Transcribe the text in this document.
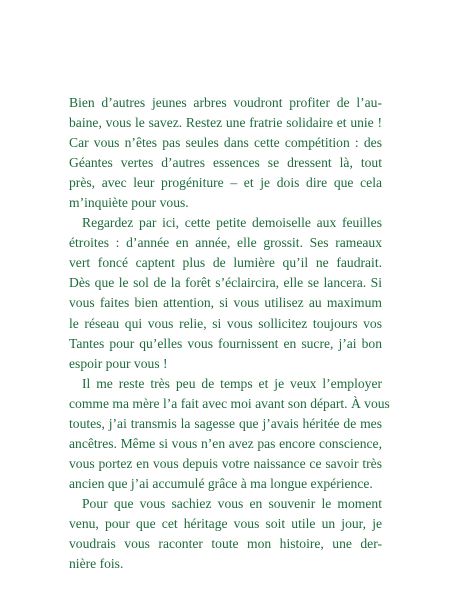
Bien d’autres jeunes arbres voudront profiter de l’au-
baine, vous le savez. Restez une fratrie solidaire et unie !
Car vous n’êtes pas seules dans cette compétition : des
Géantes vertes d’autres essences se dressent là, tout
près, avec leur progéniture – et je dois dire que cela
m’inquiète pour vous.
Regardez par ici, cette petite demoiselle aux feuilles
étroites : d’année en année, elle grossit. Ses rameaux
vert foncé captent plus de lumière qu’il ne faudrait.
Dès que le sol de la forêt s’éclaircira, elle se lancera. Si
vous faites bien attention, si vous utilisez au maximum
le réseau qui vous relie, si vous sollicitez toujours vos
Tantes pour qu’elles vous fournissent en sucre, j’ai bon
espoir pour vous !
Il me reste très peu de temps et je veux l’employer
comme ma mère l’a fait avec moi avant son départ. À vous
toutes, j’ai transmis la sagesse que j’avais héritée de mes
ancêtres. Même si vous n’en avez pas encore conscience,
vous portez en vous depuis votre naissance ce savoir très
ancien que j’ai accumulé grâce à ma longue expérience.
Pour que vous sachiez vous en souvenir le moment
venu, pour que cet héritage vous soit utile un jour, je
voudrais vous raconter toute mon histoire, une der-
nière fois.
